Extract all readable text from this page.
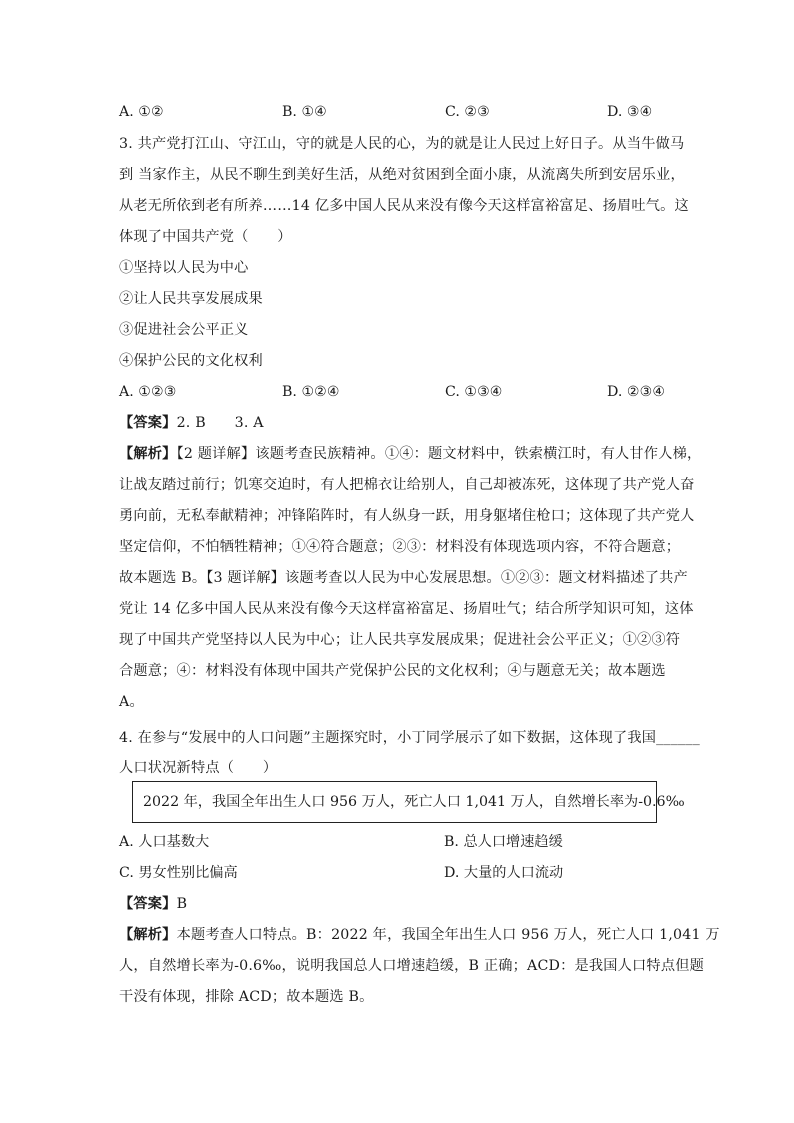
A. ①②	B. ①④	C. ②③	D. ③④
3. 共产党打江山、守江山，守的就是人民的心，为的就是让人民过上好日子。从当牛做马
到 当家作主，从民不聊生到美好生活，从绝对贫困到全面小康，从流离失所到安居乐业，
从老无所依到老有所养……14 亿多中国人民从来没有像今天这样富裕富足、扬眉吐气。这
体现了中国共产党（　　）
①坚持以人民为中心
②让人民共享发展成果
③促进社会公平正义
④保护公民的文化权利
A. ①②③	B. ①②④	C. ①③④	D. ②③④
【答案】2. B　　3. A
【解析】【2 题详解】该题考查民族精神。①④：题文材料中，铁索横江时，有人甘作人梯，
让战友踏过前行；饥寒交迫时，有人把棉衣让给别人，自己却被冻死，这体现了共产党人奋
勇向前，无私奉献精神；冲锋陷阵时，有人纵身一跃，用身躯堵住枪口；这体现了共产党人
坚定信仰，不怕牺牲精神；①④符合题意；②③：材料没有体现选项内容，不符合题意；
故本题选 B。【3 题详解】该题考查以人民为中心发展思想。①②③：题文材料描述了共产
党让 14 亿多中国人民从来没有像今天这样富裕富足、扬眉吐气；结合所学知识可知，这体
现了中国共产党坚持以人民为中心；让人民共享发展成果；促进社会公平正义；①②③符
合题意；④：材料没有体现中国共产党保护公民的文化权利；④与题意无关；故本题选
A。
4. 在参与“发展中的人口问题”主题探究时，小丁同学展示了如下数据，这体现了我国______
人口状况新特点（　　）
2022 年，我国全年出生人口 956 万人，死亡人口 1,041 万人，自然增长率为-0.6‰
A. 人口基数大	B. 总人口增速趋缓
C. 男女性别比偏高	D. 大量的人口流动
【答案】B
【解析】本题考查人口特点。B：2022 年，我国全年出生人口 956 万人，死亡人口 1,041 万
人，自然增长率为-0.6‰，说明我国总人口增速趋缓，B 正确；ACD：是我国人口特点但题
干没有体现，排除 ACD；故本题选 B。
